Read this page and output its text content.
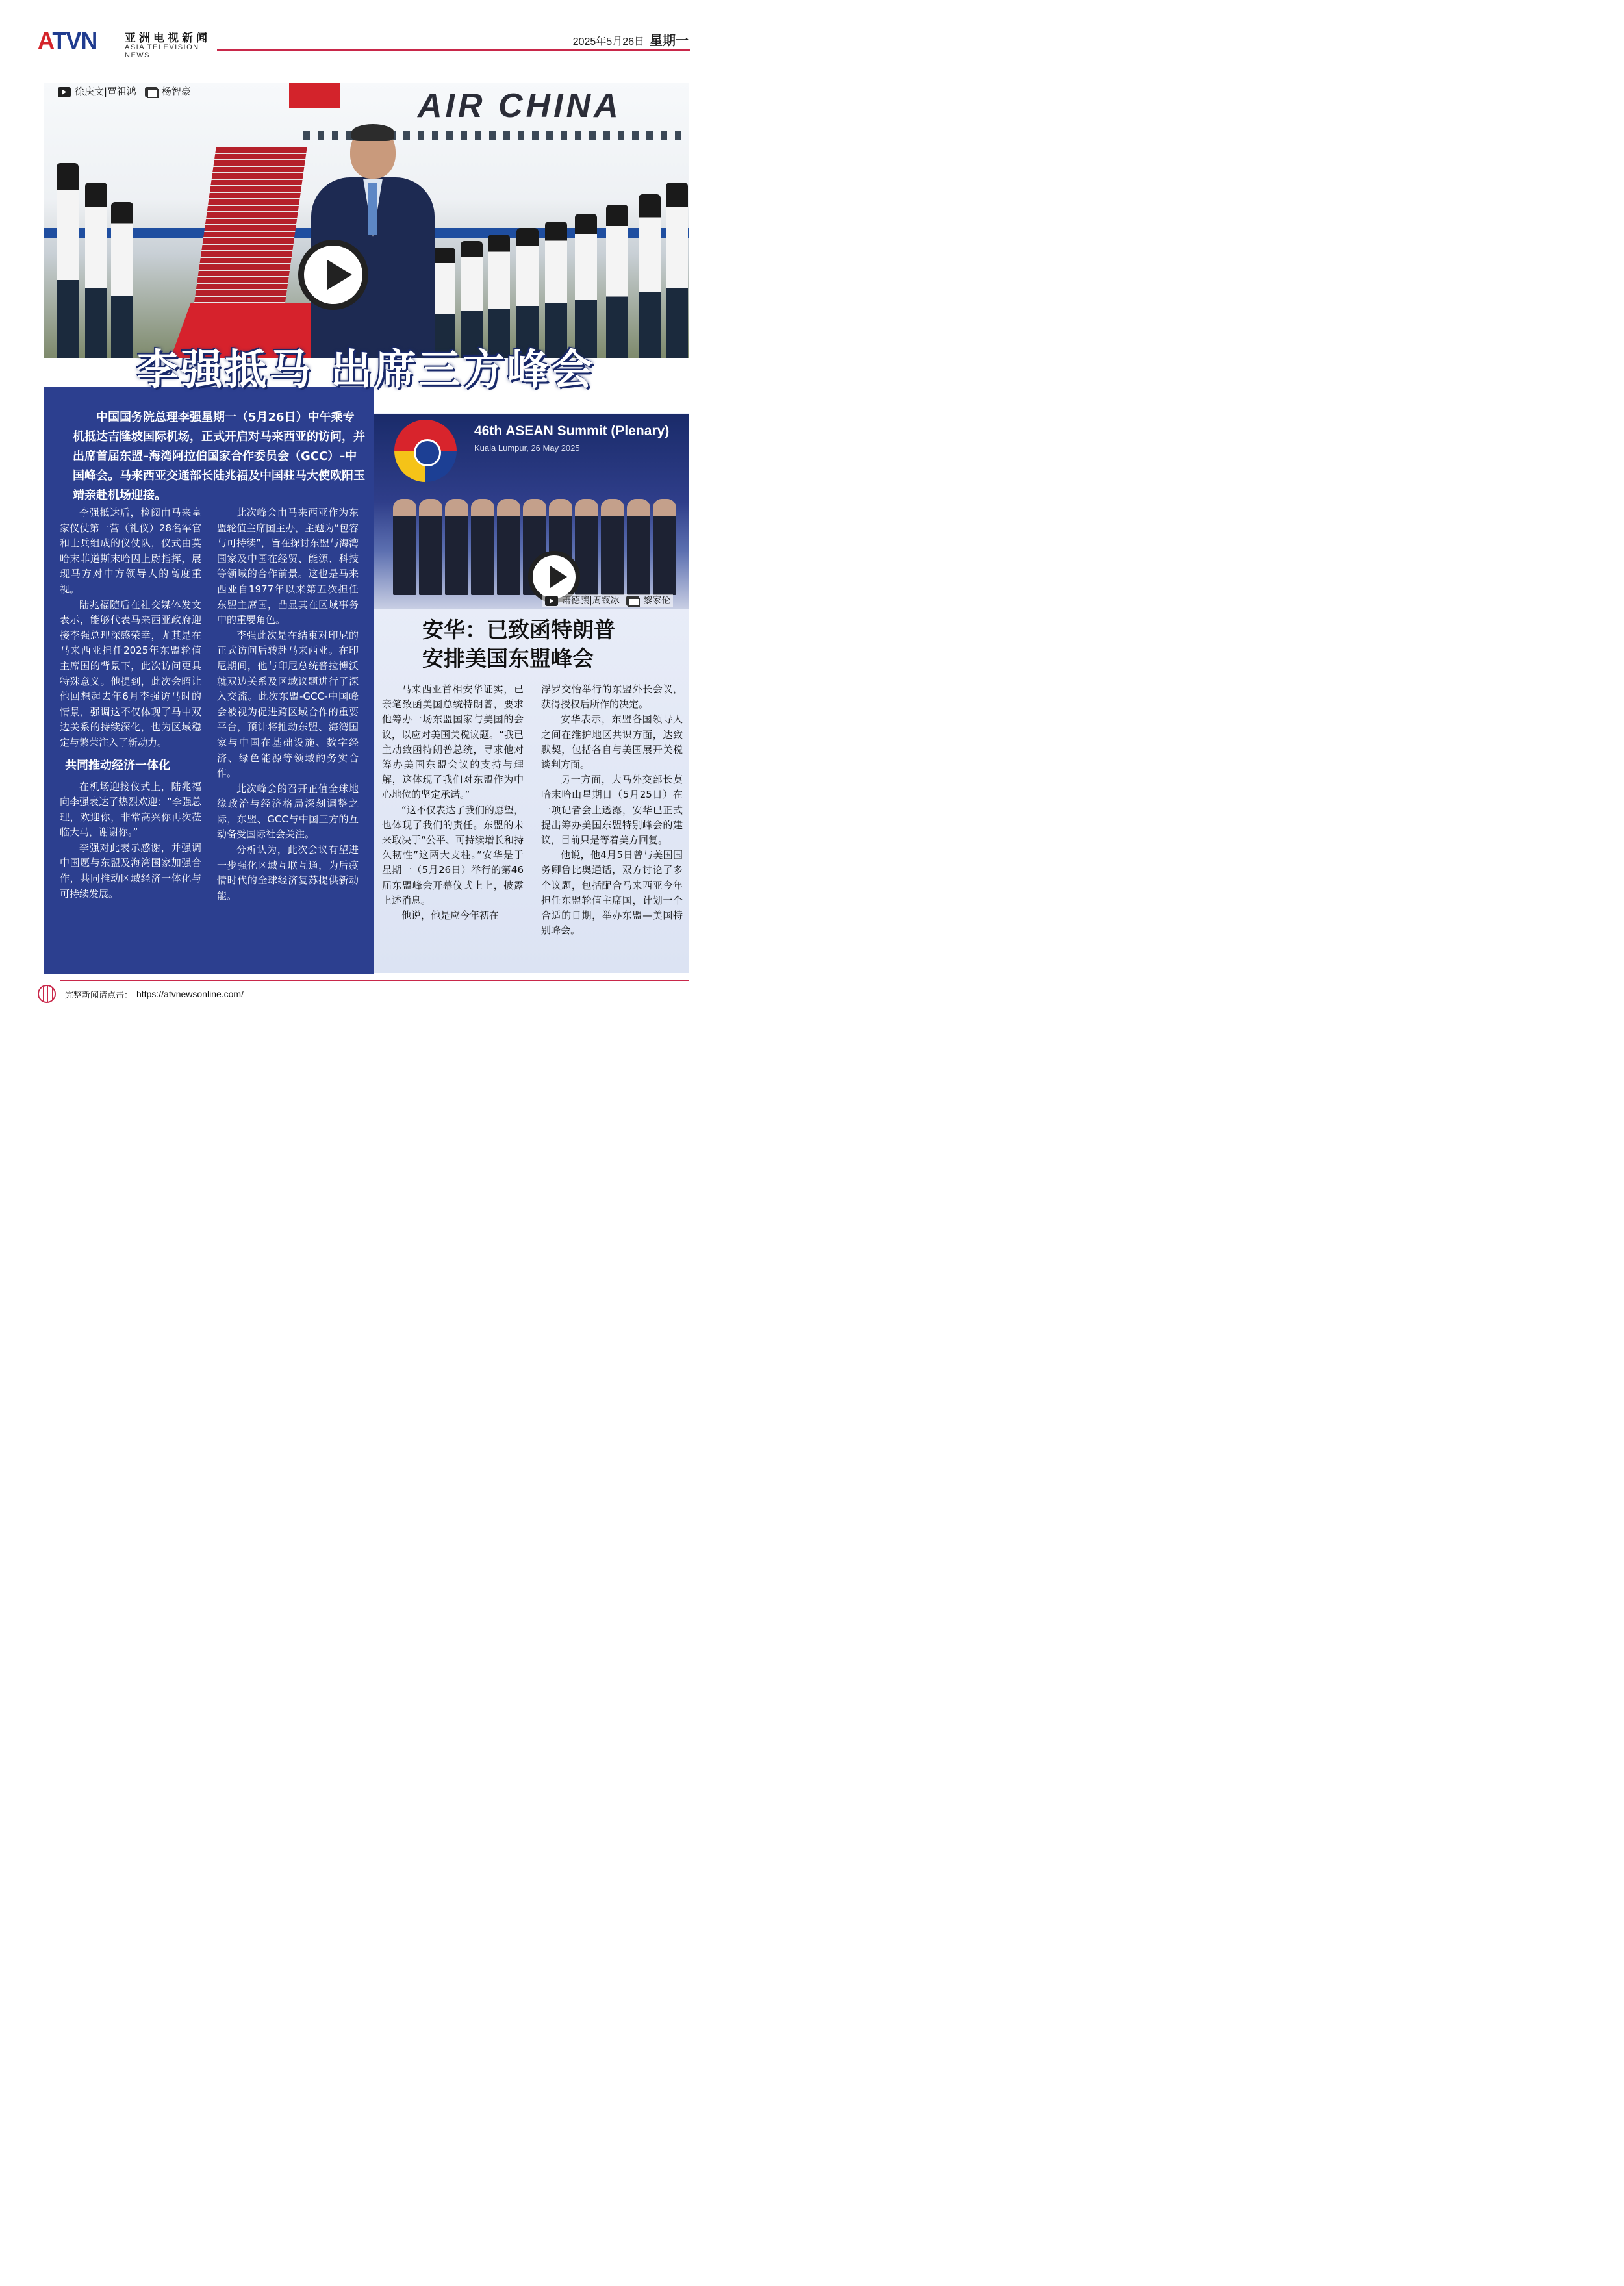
ATVN	亚洲电视新闻
ASIA TELEVISION NEWS
2025年5月26日 星期一
AIR CHINA
徐庆文|覃祖鸿	杨智豪
李强抵马 出席三方峰会
中国国务院总理李强星期一（5月26日）中午乘专机抵达吉隆坡国际机场，正式开启对马来西亚的访问，并出席首届东盟–海湾阿拉伯国家合作委员会（GCC）–中国峰会。马来西亚交通部长陆兆福及中国驻马大使欧阳玉靖亲赴机场迎接。

李强抵达后，检阅由马来皇家仪仗第一营（礼仪）28名军官和士兵组成的仪仗队，仪式由莫哈末菲道斯末哈因上尉指挥，展现马方对中方领导人的高度重视。

陆兆福随后在社交媒体发文表示，能够代表马来西亚政府迎接李强总理深感荣幸，尤其是在马来西亚担任2025年东盟轮值主席国的背景下，此次访问更具特殊意义。他提到，此次会晤让他回想起去年6月李强访马时的情景，强调这不仅体现了马中双边关系的持续深化，也为区域稳定与繁荣注入了新动力。

共同推动经济一体化

在机场迎接仪式上，陆兆福向李强表达了热烈欢迎：“李强总理，欢迎你，非常高兴你再次莅临大马，谢谢你。”

李强对此表示感谢，并强调中国愿与东盟及海湾国家加强合作，共同推动区域经济一体化与可持续发展。

此次峰会由马来西亚作为东盟轮值主席国主办，主题为“包容与可持续”，旨在探讨东盟与海湾国家及中国在经贸、能源、科技等领域的合作前景。这也是马来西亚自1977年以来第五次担任东盟主席国，凸显其在区域事务中的重要角色。

李强此次是在结束对印尼的正式访问后转赴马来西亚。在印尼期间，他与印尼总统普拉博沃就双边关系及区域议题进行了深入交流。此次东盟-GCC-中国峰会被视为促进跨区域合作的重要平台，预计将推动东盟、海湾国家与中国在基础设施、数字经济、绿色能源等领域的务实合作。

此次峰会的召开正值全球地缘政治与经济格局深刻调整之际，东盟、GCC与中国三方的互动备受国际社会关注。

分析认为，此次会议有望进一步强化区域互联互通，为后疫情时代的全球经济复苏提供新动能。

46th ASEAN Summit (Plenary)
Kuala Lumpur, 26 May 2025
萧德骧|周钗冰	黎家伦
安华：已致函特朗普
安排美国东盟峰会

马来西亚首相安华证实，已亲笔致函美国总统特朗普，要求他筹办一场东盟国家与美国的会议，以应对美国关税议题。“我已主动致函特朗普总统，寻求他对筹办美国东盟会议的支持与理解，这体现了我们对东盟作为中心地位的坚定承诺。”

“这不仅表达了我们的愿望，也体现了我们的责任。东盟的未来取决于“公平、可持续增长和持久韧性”这两大支柱。”安华是于星期一（5月26日）举行的第46届东盟峰会开幕仪式上上，披露上述消息。

他说，他是应今年初在

浮罗交怡举行的东盟外长会议，获得授权后所作的决定。

安华表示，东盟各国领导人之间在维护地区共识方面，达致默契，包括各自与美国展开关税谈判方面。

另一方面，大马外交部长莫哈末哈山星期日（5月25日）在一项记者会上透露，安华已正式提出筹办美国东盟特别峰会的建议，目前只是等着美方回复。

他说，他4月5日曾与美国国务卿鲁比奥通话，双方讨论了多个议题，包括配合马来西亚今年担任东盟轮值主席国，计划一个合适的日期，举办东盟—美国特别峰会。

完整新闻请点击： https://atvnewsonline.com/
